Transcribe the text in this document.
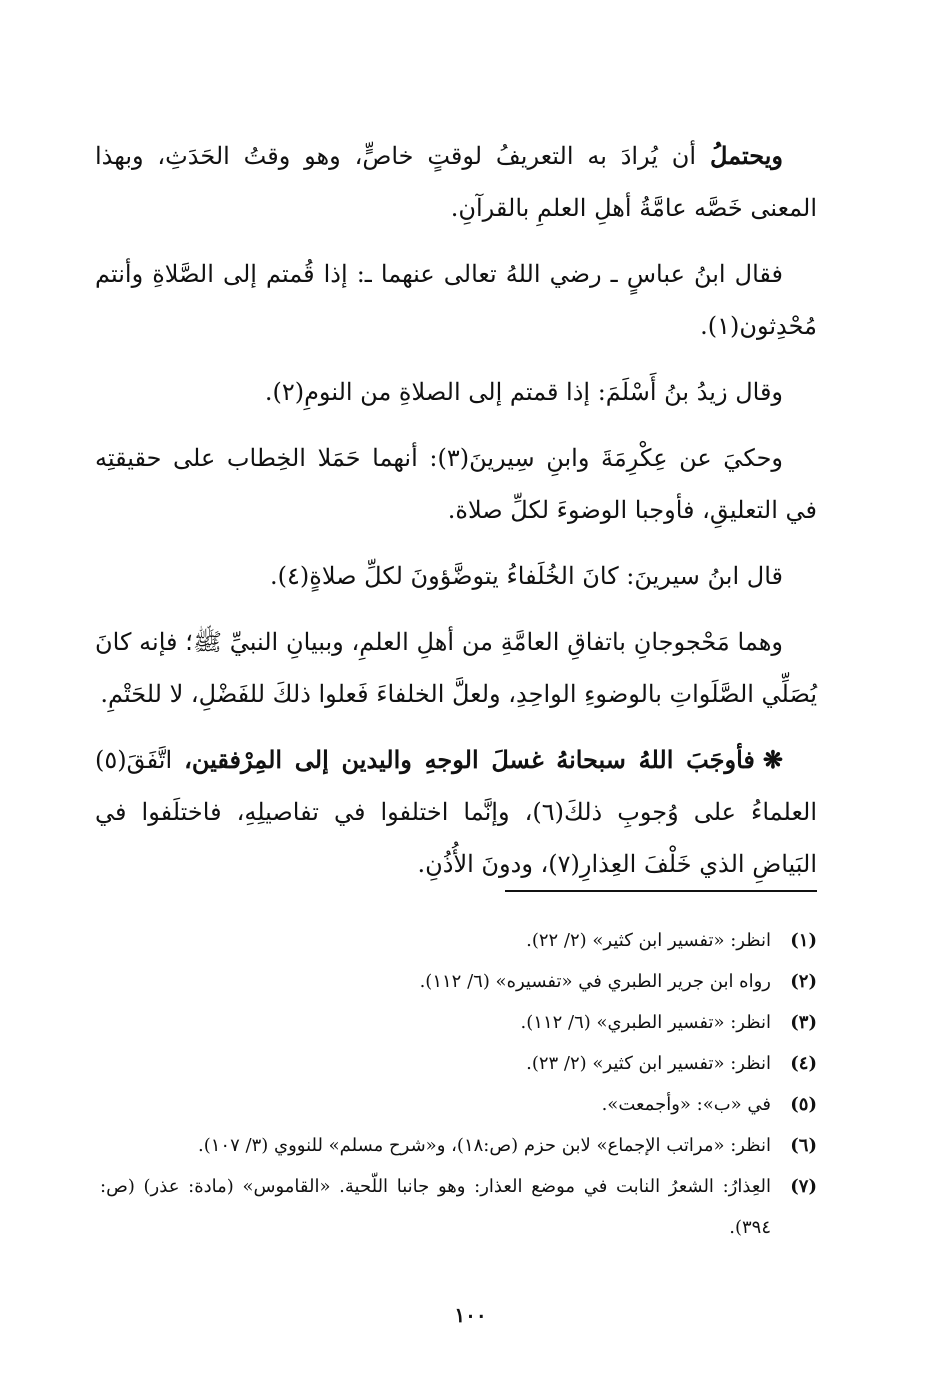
ويحتملُ أن يُرادَ به التعريفُ لوقتٍ خاصٍّ، وهو وقتُ الحَدَثِ، وبهذا المعنى خَصَّه عامَّةُ أهلِ العلمِ بالقرآنِ.

فقال ابنُ عباسٍ ـ رضي اللهُ تعالى عنهما ـ: إذا قُمتم إلى الصَّلاةِ وأنتم مُحْدِثون(١).

وقال زيدُ بنُ أَسْلَمَ: إذا قمتم إلى الصلاةِ من النومِ(٢).

وحكيَ عن عِكْرِمَةَ وابنِ سِيرينَ(٣): أنهما حَمَلا الخِطاب على حقيقتِه في التعليقِ، فأوجبا الوضوءَ لكلِّ صلاة.

قال ابنُ سيرينَ: كانَ الخُلَفاءُ يتوضَّؤونَ لكلِّ صلاةٍ(٤).

وهما مَحْجوجانِ باتفاقِ العامَّةِ من أهلِ العلمِ، وببيانِ النبيِّ ﷺ؛ فإنه كانَ يُصَلِّي الصَّلَواتِ بالوضوءِ الواحِدِ، ولعلَّ الخلفاءَ فَعلوا ذلكَ للفَضْلِ، لا للحَتْمِ.

❋فأوجَبَ اللهُ سبحانهُ غسلَ الوجهِ واليدين إلى المِرْفقين، اتَّفَقَ(٥) العلماءُ على وُجوبِ ذلكَ(٦)، وإنَّما اختلفوا في تفاصيلِهِ، فاختلَفوا في البَياضِ الذي خَلْفَ العِذارِ(٧)، ودونَ الأُذُنِ.

(١)
انظر: «تفسير ابن كثير» (٢/ ٢٢).
(٢)
رواه ابن جرير الطبري في «تفسيره» (٦/ ١١٢).
(٣)
انظر: «تفسير الطبري» (٦/ ١١٢).
(٤)
انظر: «تفسير ابن كثير» (٢/ ٢٣).
(٥)
في «ب»: «وأجمعت».
(٦)
انظر: «مراتب الإجماع» لابن حزم (ص:١٨)، و«شرح مسلم» للنووي (٣/ ١٠٧).
(٧)
العِذارُ: الشعرُ النابت في موضع العذار: وهو جانبا اللّحية. «القاموس» (مادة: عذر) (ص: ٣٩٤).
١٠٠
